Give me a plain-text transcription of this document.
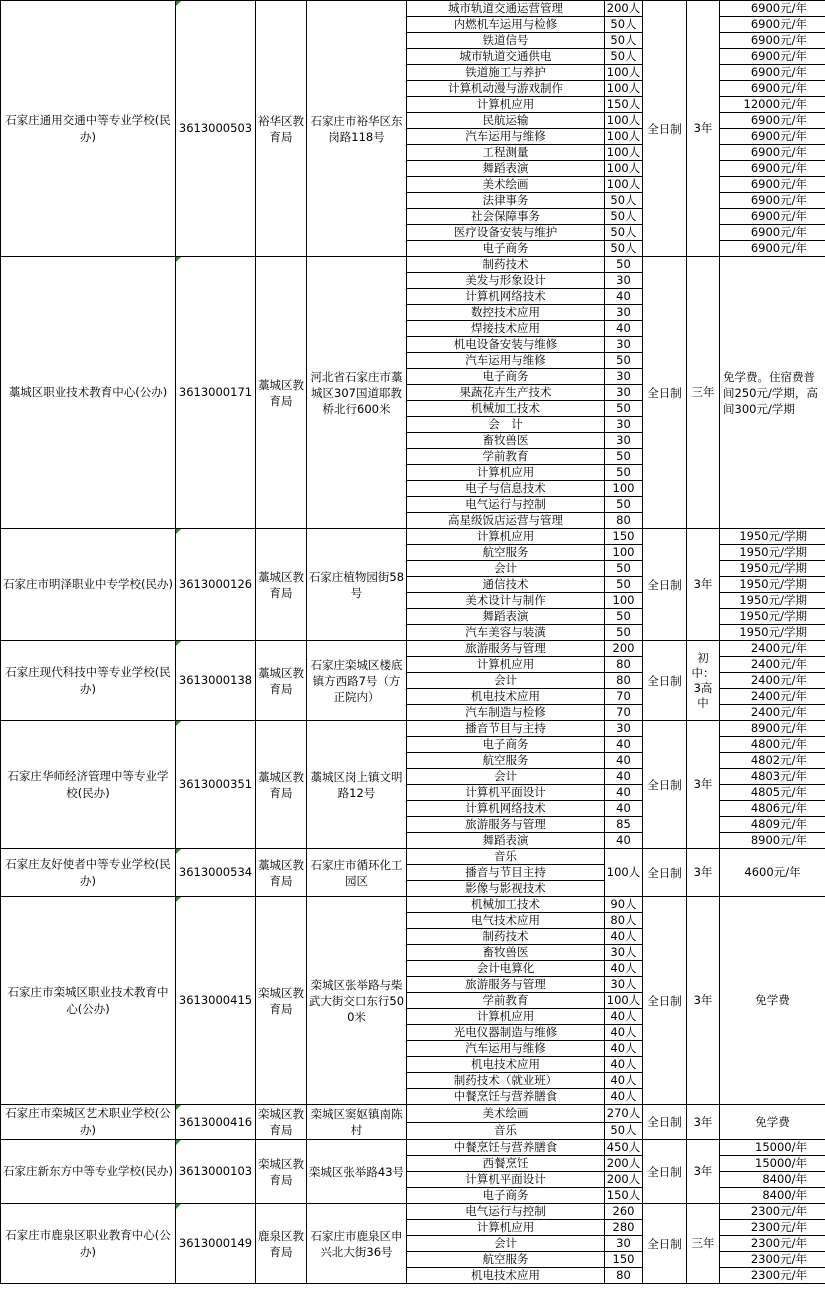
石家庄通用交通中等专业学校(民办)	3613000503	裕华区教育局	石家庄市裕华区东岗路118号	城市轨道交通运营管理	200人	全日制	3年	6900元/年
				内燃机车运用与检修	50人			6900元/年
				铁道信号	50人			6900元/年
				城市轨道交通供电	50人			6900元/年
				铁道施工与养护	100人			6900元/年
				计算机动漫与游戏制作	100人			6900元/年
				计算机应用	150人			12000元/年
				民航运输	100人			6900元/年
				汽车运用与维修	100人			6900元/年
				工程测量	100人			6900元/年
				舞蹈表演	100人			6900元/年
				美术绘画	100人			6900元/年
				法律事务	50人			6900元/年
				社会保障事务	50人			6900元/年
				医疗设备安装与维护	50人			6900元/年
				电子商务	50人			6900元/年
藁城区职业技术教育中心(公办)	3613000171	藁城区教育局	河北省石家庄市藁城区307国道耶教桥北行600米	制药技术	50	全日制	三年	免学费。住宿费普间250元/学期，高间300元/学期
				美发与形象设计	30			
				计算机网络技术	40			
				数控技术应用	30			
				焊接技术应用	40			
				机电设备安装与维修	30			
				汽车运用与维修	50			
				电子商务	30			
				果蔬花卉生产技术	30			
				机械加工技术	50			
				会　计	30			
				畜牧兽医	30			
				学前教育	50			
				计算机应用	50			
				电子与信息技术	100			
				电气运行与控制	50			
				高星级饭店运营与管理	80			
石家庄市明泽职业中专学校(民办)	3613000126	藁城区教育局	石家庄植物园街58号	计算机应用	150	全日制	3年	1950元/学期
				航空服务	100			1950元/学期
				会计	50			1950元/学期
				通信技术	50			1950元/学期
				美术设计与制作	100			1950元/学期
				舞蹈表演	50			1950元/学期
				汽车美容与装潢	50			1950元/学期
石家庄现代科技中等专业学校(民办)	3613000138	藁城区教育局	石家庄栾城区楼底镇方西路7号（方正院内）	旅游服务与管理	200	全日制	初中：3高中	2400元/年
				计算机应用	80			2400元/年
				会计	80			2400元/年
				机电技术应用	70			2400元/年
				汽车制造与检修	70			2400元/年
石家庄华师经济管理中等专业学校(民办)	3613000351	藁城区教育局	藁城区岗上镇文明路12号	播音节目与主持	30	全日制	3年	8900元/年
				电子商务	40			4800元/年
				航空服务	40			4802元/年
				会计	40			4803元/年
				计算机平面设计	40			4805元/年
				计算机网络技术	40			4806元/年
				旅游服务与管理	85			4809元/年
				舞蹈表演	40			8900元/年
石家庄友好使者中等专业学校(民办)	3613000534	藁城区教育局	石家庄市循环化工园区	音乐	100人	全日制	3年	4600元/年
				播音与节目主持				
				影像与影视技术				
石家庄市栾城区职业技术教育中心(公办)	3613000415	栾城区教育局	栾城区张举路与柴武大街交口东行500米	机械加工技术	90人	全日制	3年	免学费
				电气技术应用	80人			
				制药技术	40人			
				畜牧兽医	30人			
				会计电算化	40人			
				旅游服务与管理	30人			
				学前教育	100人			
				计算机应用	40人			
				光电仪器制造与维修	40人			
				汽车运用与维修	40人			
				机电技术应用	40人			
				制药技术（就业班）	40人			
				中餐烹饪与营养膳食	40人			
石家庄市栾城区艺术职业学校(公办)	3613000416	栾城区教育局	栾城区窦妪镇南陈村	美术绘画	270人	全日制	3年	免学费
				音乐	50人			
石家庄新东方中等专业学校(民办)	3613000103	栾城区教育局	栾城区张举路43号	中餐烹饪与营养膳食	450人	全日制	3年	15000/年
				西餐烹饪	200人			15000/年
				计算机平面设计	200人			8400/年
				电子商务	150人			8400/年
石家庄市鹿泉区职业教育中心(公办)	3613000149	鹿泉区教育局	石家庄市鹿泉区申兴北大街36号	电气运行与控制	260	全日制	三年	2300元/年
				计算机应用	280			2300元/年
				会计	30			2300元/年
				航空服务	150			2300元/年
				机电技术应用	80			2300元/年
